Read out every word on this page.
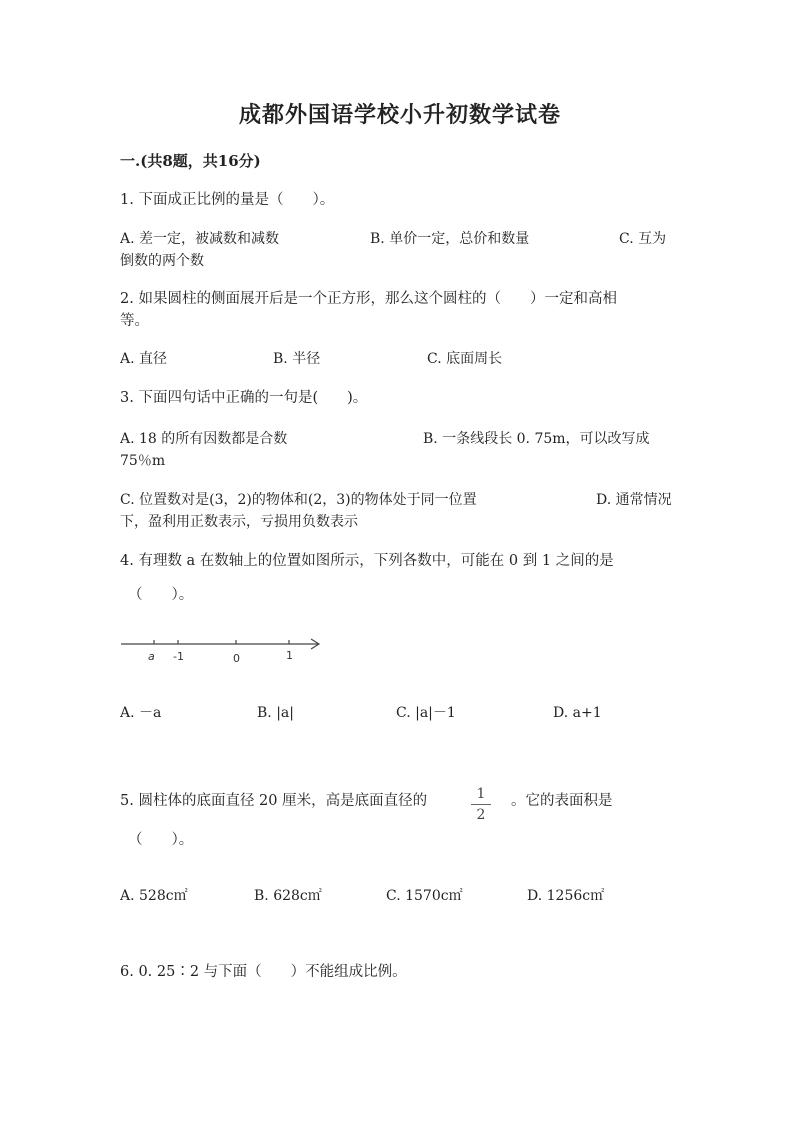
成都外国语学校小升初数学试卷
一.(共8题，共16分)
1. 下面成正比例的量是（　　）。
A. 差一定，被减数和减数	B. 单价一定，总价和数量	C. 互为
倒数的两个数
2. 如果圆柱的侧面展开后是一个正方形，那么这个圆柱的（　　）一定和高相
等。
A. 直径	B. 半径	C. 底面周长
3. 下面四句话中正确的一句是(　　)。
A. 18 的所有因数都是合数	B. 一条线段长 0. 75m，可以改写成
75％m
C. 位置数对是(3，2)的物体和(2，3)的物体处于同一位置	D. 通常情况
下，盈利用正数表示，亏损用负数表示
4. 有理数 a 在数轴上的位置如图所示，下列各数中，可能在 0 到 1 之间的是
（　　）。
a -1	0	1
A. －a	B. |a|	C. |a|－1	D. a+1
5. 圆柱体的底面直径 20 厘米，高是底面直径的	1
2
。它的表面积是
（　　）。
A. 528c㎡	B. 628c㎡	C. 1570c㎡	D. 1256c㎡
6. 0. 25∶2 与下面（　　）不能组成比例。
